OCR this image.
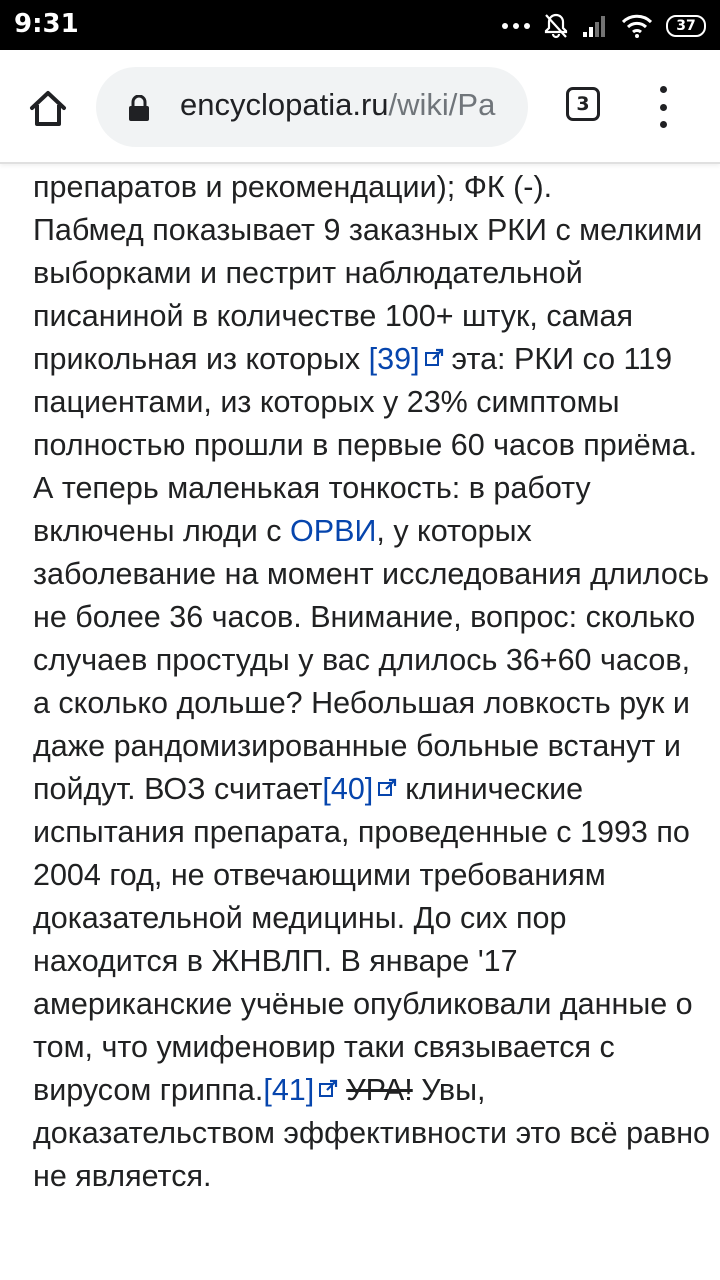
9:31	37
encyclopatia.ru/wiki/Pa	3

препаратов и рекомендации); ФК (-).

Пабмед показывает 9 заказных РКИ с мелкими выборками и пестрит наблюдательной писаниной в количестве 100+ штук, самая прикольная из которых [39] эта: РКИ со 119 пациентами, из которых у 23% симптомы полностью прошли в первые 60 часов приёма. А теперь маленькая тонкость: в работу включены люди с ОРВИ, у которых заболевание на момент исследования длилось не более 36 часов. Внимание, вопрос: сколько случаев простуды у вас длилось 36+60 часов, а сколько дольше? Небольшая ловкость рук и даже рандомизированные больные встанут и пойдут. ВОЗ считает[40] клинические испытания препарата, проведенные с 1993 по 2004 год, не отвечающими требованиям доказательной медицины. До сих пор находится в ЖНВЛП. В январе '17 американские учёные опубликовали данные о том, что умифеновир таки связывается с вирусом гриппа.[41] УРА! Увы, доказательством эффективности это всё равно не является.
